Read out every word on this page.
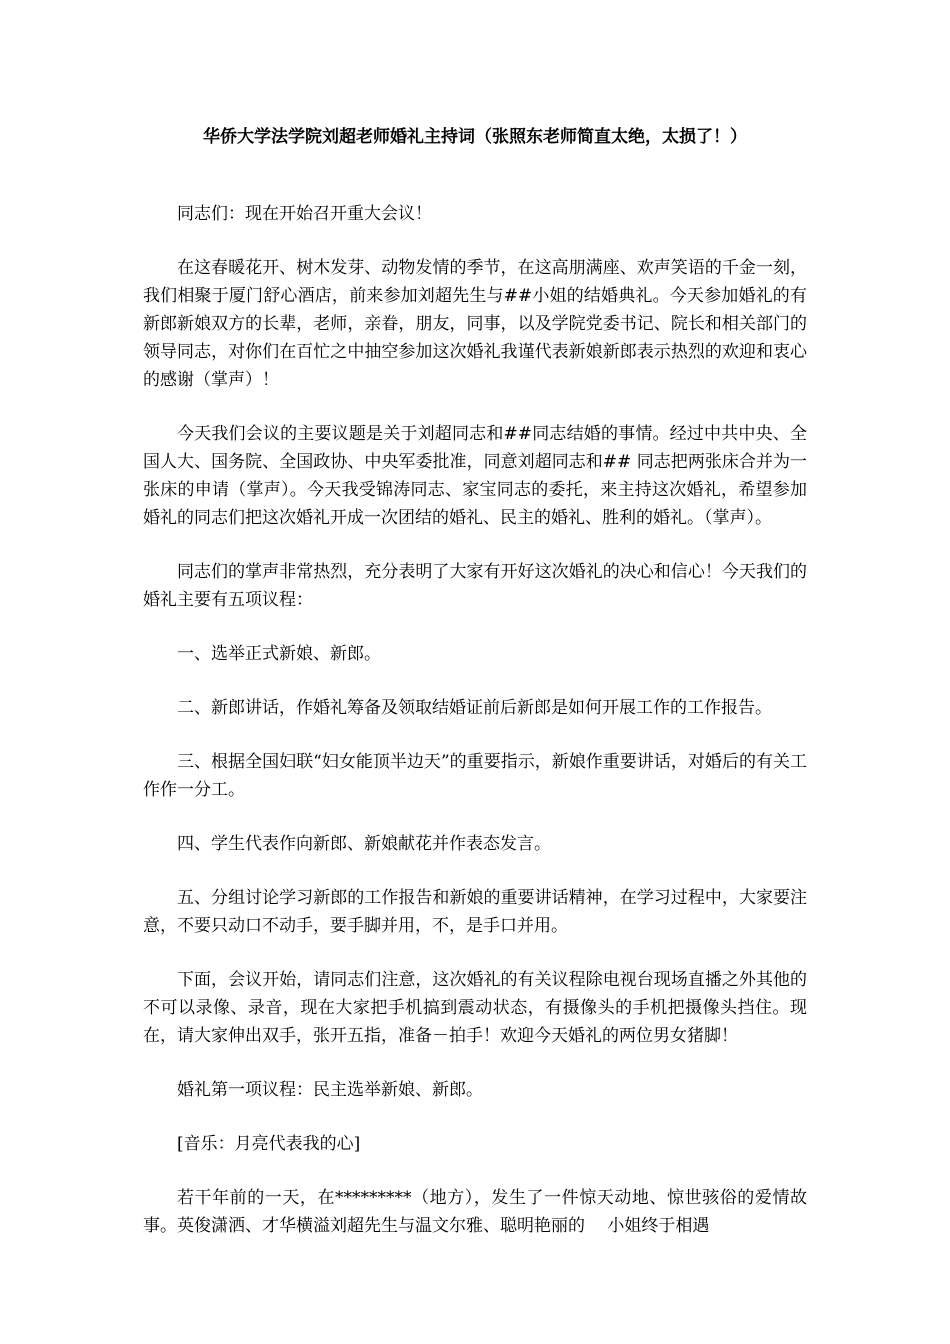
华侨大学法学院刘超老师婚礼主持词（张照东老师简直太绝，太损了！）

同志们：现在开始召开重大会议！

在这春暖花开、树木发芽、动物发情的季节，在这高朋满座、欢声笑语的千金一刻，我们相聚于厦门舒心酒店，前来参加刘超先生与##小姐的结婚典礼。今天参加婚礼的有新郎新娘双方的长辈，老师，亲眷，朋友，同事，以及学院党委书记、院长和相关部门的领导同志，对你们在百忙之中抽空参加这次婚礼我谨代表新娘新郎表示热烈的欢迎和衷心的感谢（掌声）！

今天我们会议的主要议题是关于刘超同志和##同志结婚的事情。经过中共中央、全国人大、国务院、全国政协、中央军委批准，同意刘超同志和## 同志把两张床合并为一张床的申请（掌声）。今天我受锦涛同志、家宝同志的委托，来主持这次婚礼，希望参加婚礼的同志们把这次婚礼开成一次团结的婚礼、民主的婚礼、胜利的婚礼。（掌声）。

同志们的掌声非常热烈，充分表明了大家有开好这次婚礼的决心和信心！今天我们的婚礼主要有五项议程：

一、选举正式新娘、新郎。

二、新郎讲话，作婚礼筹备及领取结婚证前后新郎是如何开展工作的工作报告。

三、根据全国妇联“妇女能顶半边天”的重要指示，新娘作重要讲话，对婚后的有关工作作一分工。

四、学生代表作向新郎、新娘献花并作表态发言。

五、分组讨论学习新郎的工作报告和新娘的重要讲话精神，在学习过程中，大家要注意，不要只动口不动手，要手脚并用，不，是手口并用。

下面，会议开始，请同志们注意，这次婚礼的有关议程除电视台现场直播之外其他的不可以录像、录音，现在大家把手机搞到震动状态，有摄像头的手机把摄像头挡住。现在，请大家伸出双手，张开五指，准备－拍手！欢迎今天婚礼的两位男女猪脚！

婚礼第一项议程：民主选举新娘、新郎。

[音乐：月亮代表我的心]

若干年前的一天，在*********（地方），发生了一件惊天动地、惊世骇俗的爱情故事。英俊潇洒、才华横溢刘超先生与温文尔雅、聪明艳丽的　 小姐终于相遇
